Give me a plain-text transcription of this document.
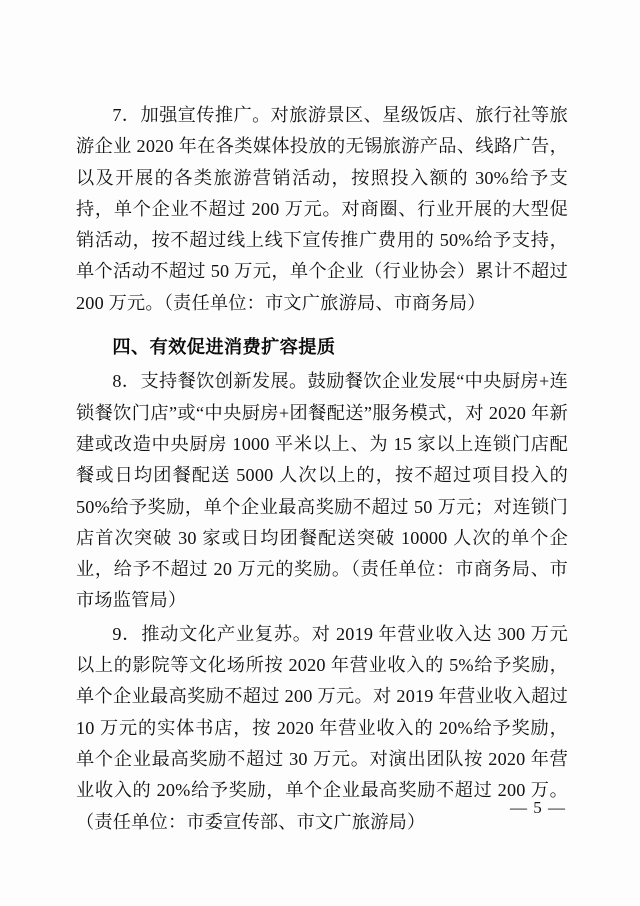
7．加强宣传推广。对旅游景区、星级饭店、旅行社等旅游企业 2020 年在各类媒体投放的无锡旅游产品、线路广告，以及开展的各类旅游营销活动，按照投入额的 30%给予支持，单个企业不超过 200 万元。对商圈、行业开展的大型促销活动，按不超过线上线下宣传推广费用的 50%给予支持，单个活动不超过 50 万元，单个企业（行业协会）累计不超过 200 万元。（责任单位：市文广旅游局、市商务局）

四、有效促进消费扩容提质

8．支持餐饮创新发展。鼓励餐饮企业发展“中央厨房+连锁餐饮门店”或“中央厨房+团餐配送”服务模式，对 2020 年新建或改造中央厨房 1000 平米以上、为 15 家以上连锁门店配餐或日均团餐配送 5000 人次以上的，按不超过项目投入的 50%给予奖励，单个企业最高奖励不超过 50 万元；对连锁门店首次突破 30 家或日均团餐配送突破 10000 人次的单个企业，给予不超过 20 万元的奖励。（责任单位：市商务局、市市场监管局）

9．推动文化产业复苏。对 2019 年营业收入达 300 万元以上的影院等文化场所按 2020 年营业收入的 5%给予奖励，单个企业最高奖励不超过 200 万元。对 2019 年营业收入超过 10 万元的实体书店，按 2020 年营业收入的 20%给予奖励，单个企业最高奖励不超过 30 万元。对演出团队按 2020 年营业收入的 20%给予奖励，单个企业最高奖励不超过 200 万。（责任单位：市委宣传部、市文广旅游局）

— 5 —
